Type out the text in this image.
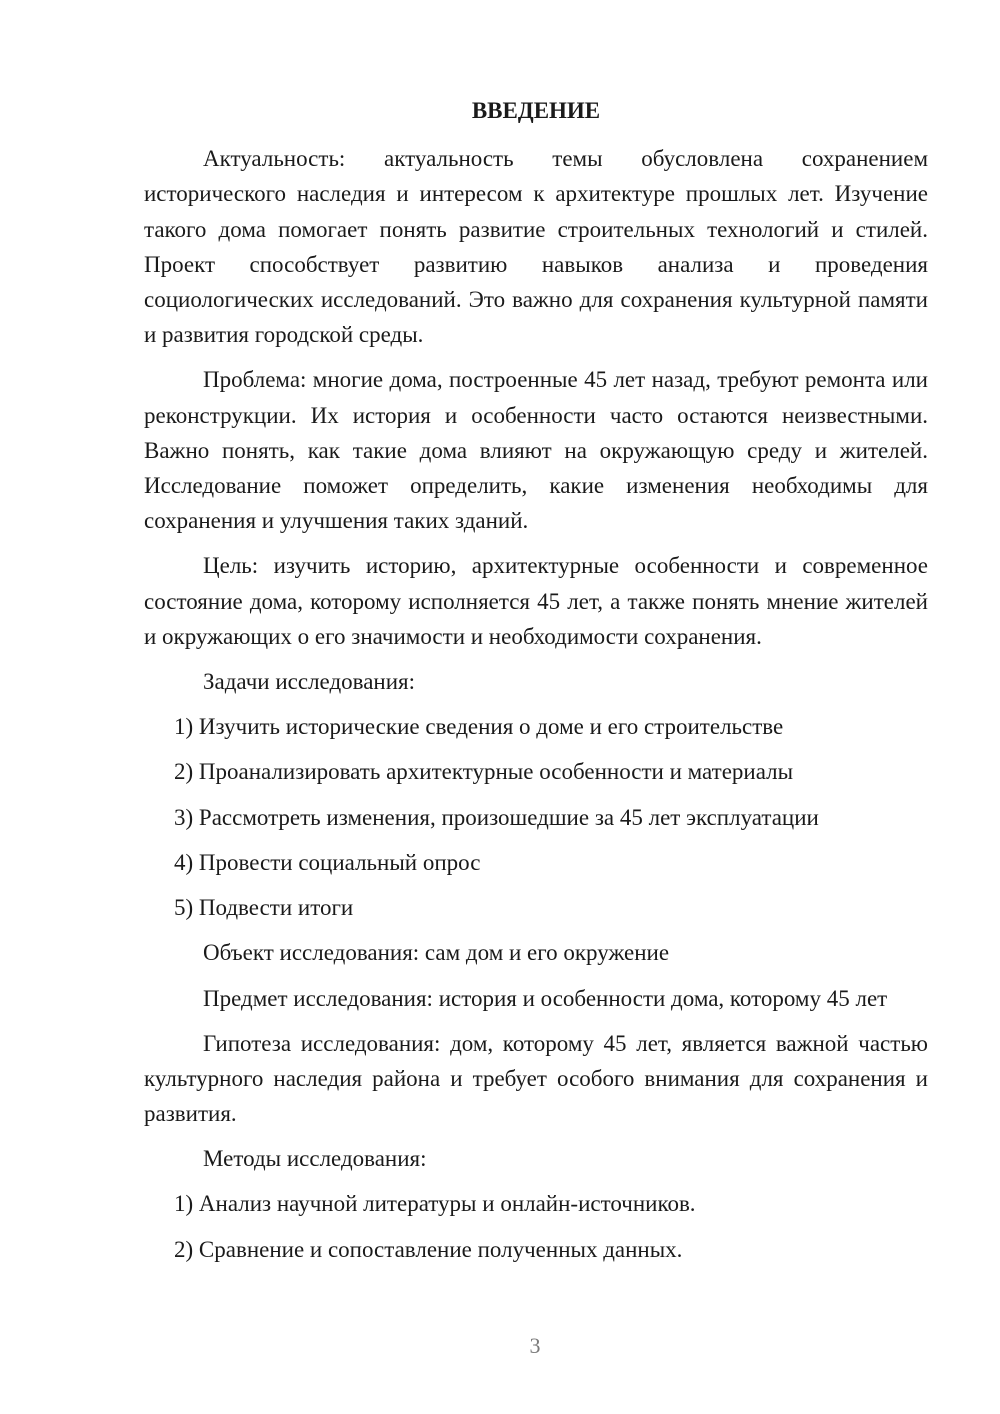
ВВЕДЕНИЕ

Актуальность: актуальность темы обусловлена сохранением исторического наследия и интересом к архитектуре прошлых лет. Изучение такого дома помогает понять развитие строительных технологий и стилей. Проект способствует развитию навыков анализа и проведения социологических исследований. Это важно для сохранения культурной памяти и развития городской среды.

Проблема: многие дома, построенные 45 лет назад, требуют ремонта или реконструкции. Их история и особенности часто остаются неизвестными. Важно понять, как такие дома влияют на окружающую среду и жителей. Исследование поможет определить, какие изменения необходимы для сохранения и улучшения таких зданий.

Цель: изучить историю, архитектурные особенности и современное состояние дома, которому исполняется 45 лет, а также понять мнение жителей и окружающих о его значимости и необходимости сохранения.

Задачи исследования:
1) Изучить исторические сведения о доме и его строительстве
2) Проанализировать архитектурные особенности и материалы
3) Рассмотреть изменения, произошедшие за 45 лет эксплуатации
4) Провести социальный опрос
5) Подвести итоги
Объект исследования: сам дом и его окружение

Предмет исследования: история и особенности дома, которому 45 лет

Гипотеза исследования: дом, которому 45 лет, является важной частью культурного наследия района и требует особого внимания для сохранения и развития.

Методы исследования:
1) Анализ научной литературы и онлайн-источников.
2) Сравнение и сопоставление полученных данных.
3
